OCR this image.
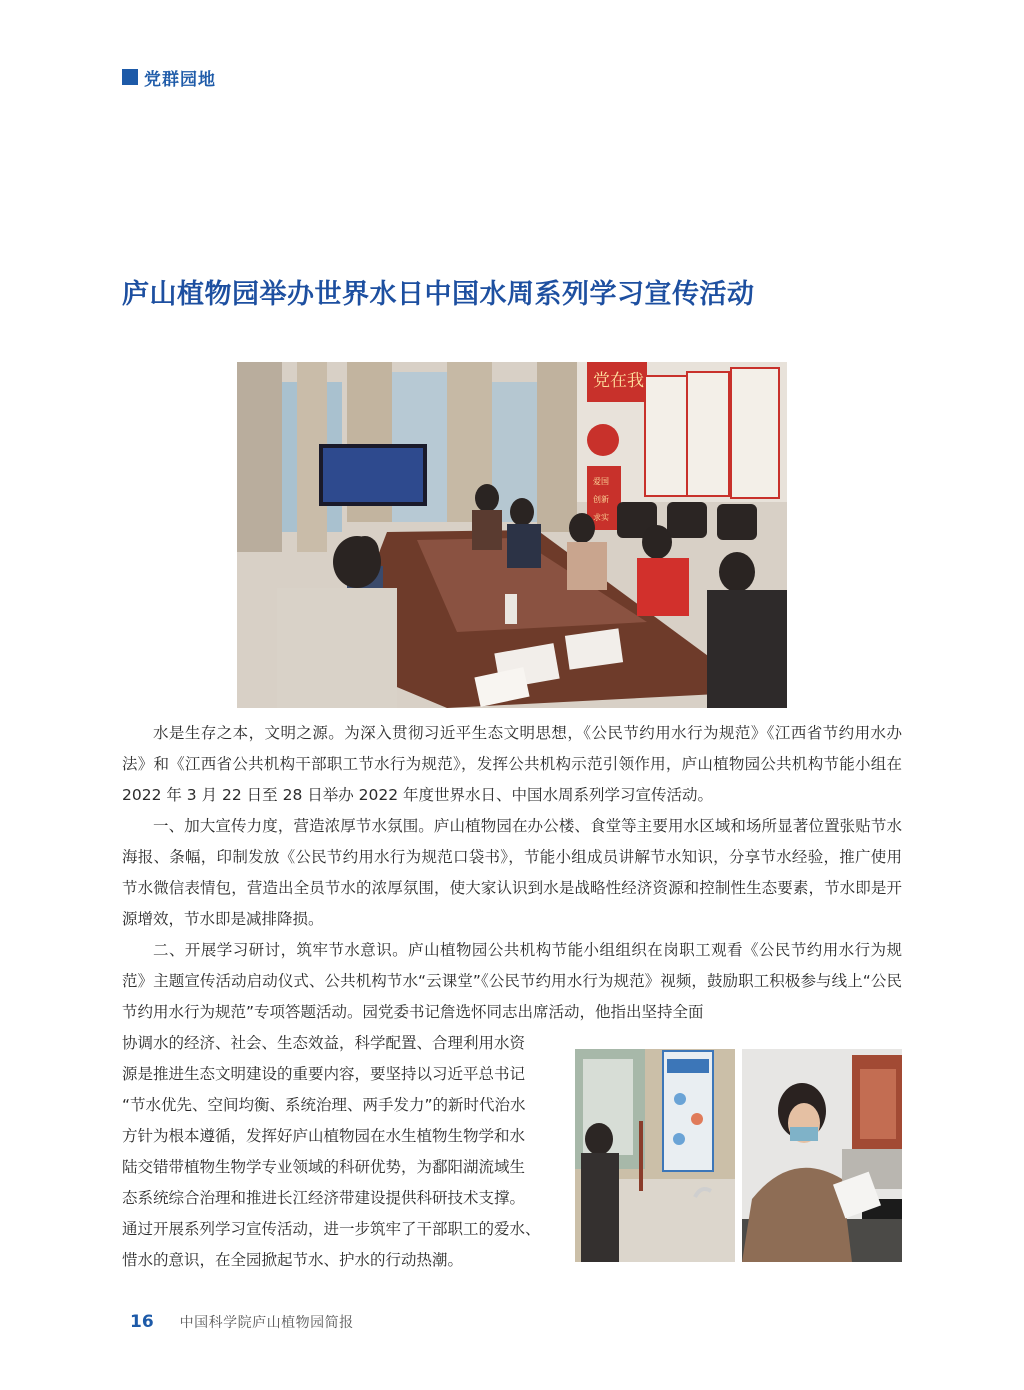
党群园地
庐山植物园举办世界水日中国水周系列学习宣传活动
党在我
爱国
创新
求实

水是生存之本，文明之源。为深入贯彻习近平生态文明思想，《公民节约用水行为规范》《江西省节约用水办法》和《江西省公共机构干部职工节水行为规范》，发挥公共机构示范引领作用，庐山植物园公共机构节能小组在 2022 年 3 月 22 日至 28 日举办 2022 年度世界水日、中国水周系列学习宣传活动。

一、加大宣传力度，营造浓厚节水氛围。庐山植物园在办公楼、食堂等主要用水区域和场所显著位置张贴节水海报、条幅，印制发放《公民节约用水行为规范口袋书》，节能小组成员讲解节水知识，分享节水经验，推广使用节水微信表情包，营造出全员节水的浓厚氛围，使大家认识到水是战略性经济资源和控制性生态要素，节水即是开源增效，节水即是减排降损。

二、开展学习研讨，筑牢节水意识。庐山植物园公共机构节能小组组织在岗职工观看《公民节约用水行为规范》主题宣传活动启动仪式、公共机构节水“云课堂”《公民节约用水行为规范》视频，鼓励职工积极参与线上“公民节约用水行为规范”专项答题活动。园党委书记詹选怀同志出席活动，他指出坚持全面

协调水的经济、社会、生态效益，科学配置、合理利用水资

源是推进生态文明建设的重要内容，要坚持以习近平总书记

“节水优先、空间均衡、系统治理、两手发力”的新时代治水

方针为根本遵循，发挥好庐山植物园在水生植物生物学和水

陆交错带植物生物学专业领域的科研优势，为鄱阳湖流域生

态系统综合治理和推进长江经济带建设提供科研技术支撑。

通过开展系列学习宣传活动，进一步筑牢了干部职工的爱水、

惜水的意识，在全园掀起节水、护水的行动热潮。

16 中国科学院庐山植物园简报
